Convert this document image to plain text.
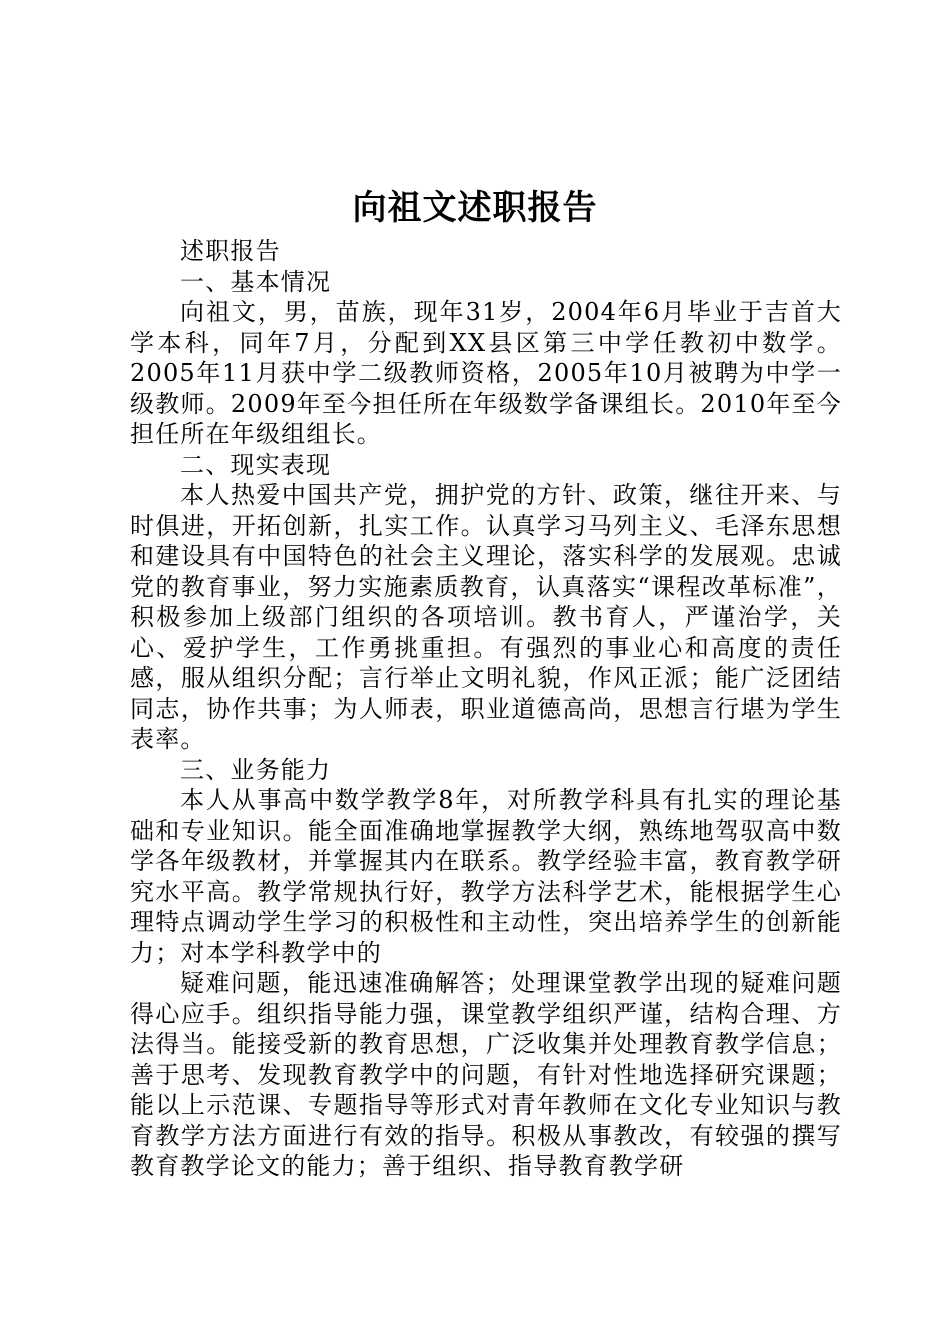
向祖文述职报告

述职报告

一、基本情况

向祖文，男，苗族，现年31岁，2004年6月毕业于吉首大学本科，同年7月，分配到XX县区第三中学任教初中数学。2005年11月获中学二级教师资格，2005年10月被聘为中学一级教师。2009年至今担任所在年级数学备课组长。2010年至今担任所在年级组组长。

二、现实表现

本人热爱中国共产党，拥护党的方针、政策，继往开来、与时俱进，开拓创新，扎实工作。认真学习马列主义、毛泽东思想和建设具有中国特色的社会主义理论，落实科学的发展观。忠诚党的教育事业，努力实施素质教育，认真落实“课程改革标准”，积极参加上级部门组织的各项培训。教书育人，严谨治学，关心、爱护学生，工作勇挑重担。有强烈的事业心和高度的责任感，服从组织分配；言行举止文明礼貌，作风正派；能广泛团结同志，协作共事；为人师表，职业道德高尚，思想言行堪为学生表率。

三、业务能力

本人从事高中数学教学8年，对所教学科具有扎实的理论基础和专业知识。能全面准确地掌握教学大纲，熟练地驾驭高中数学各年级教材，并掌握其内在联系。教学经验丰富，教育教学研究水平高。教学常规执行好，教学方法科学艺术，能根据学生心理特点调动学生学习的积极性和主动性，突出培养学生的创新能力；对本学科教学中的

疑难问题，能迅速准确解答；处理课堂教学出现的疑难问题得心应手。组织指导能力强，课堂教学组织严谨，结构合理、方法得当。能接受新的教育思想，广泛收集并处理教育教学信息；善于思考、发现教育教学中的问题，有针对性地选择研究课题；能以上示范课、专题指导等形式对青年教师在文化专业知识与教育教学方法方面进行有效的指导。积极从事教改，有较强的撰写教育教学论文的能力；善于组织、指导教育教学研
